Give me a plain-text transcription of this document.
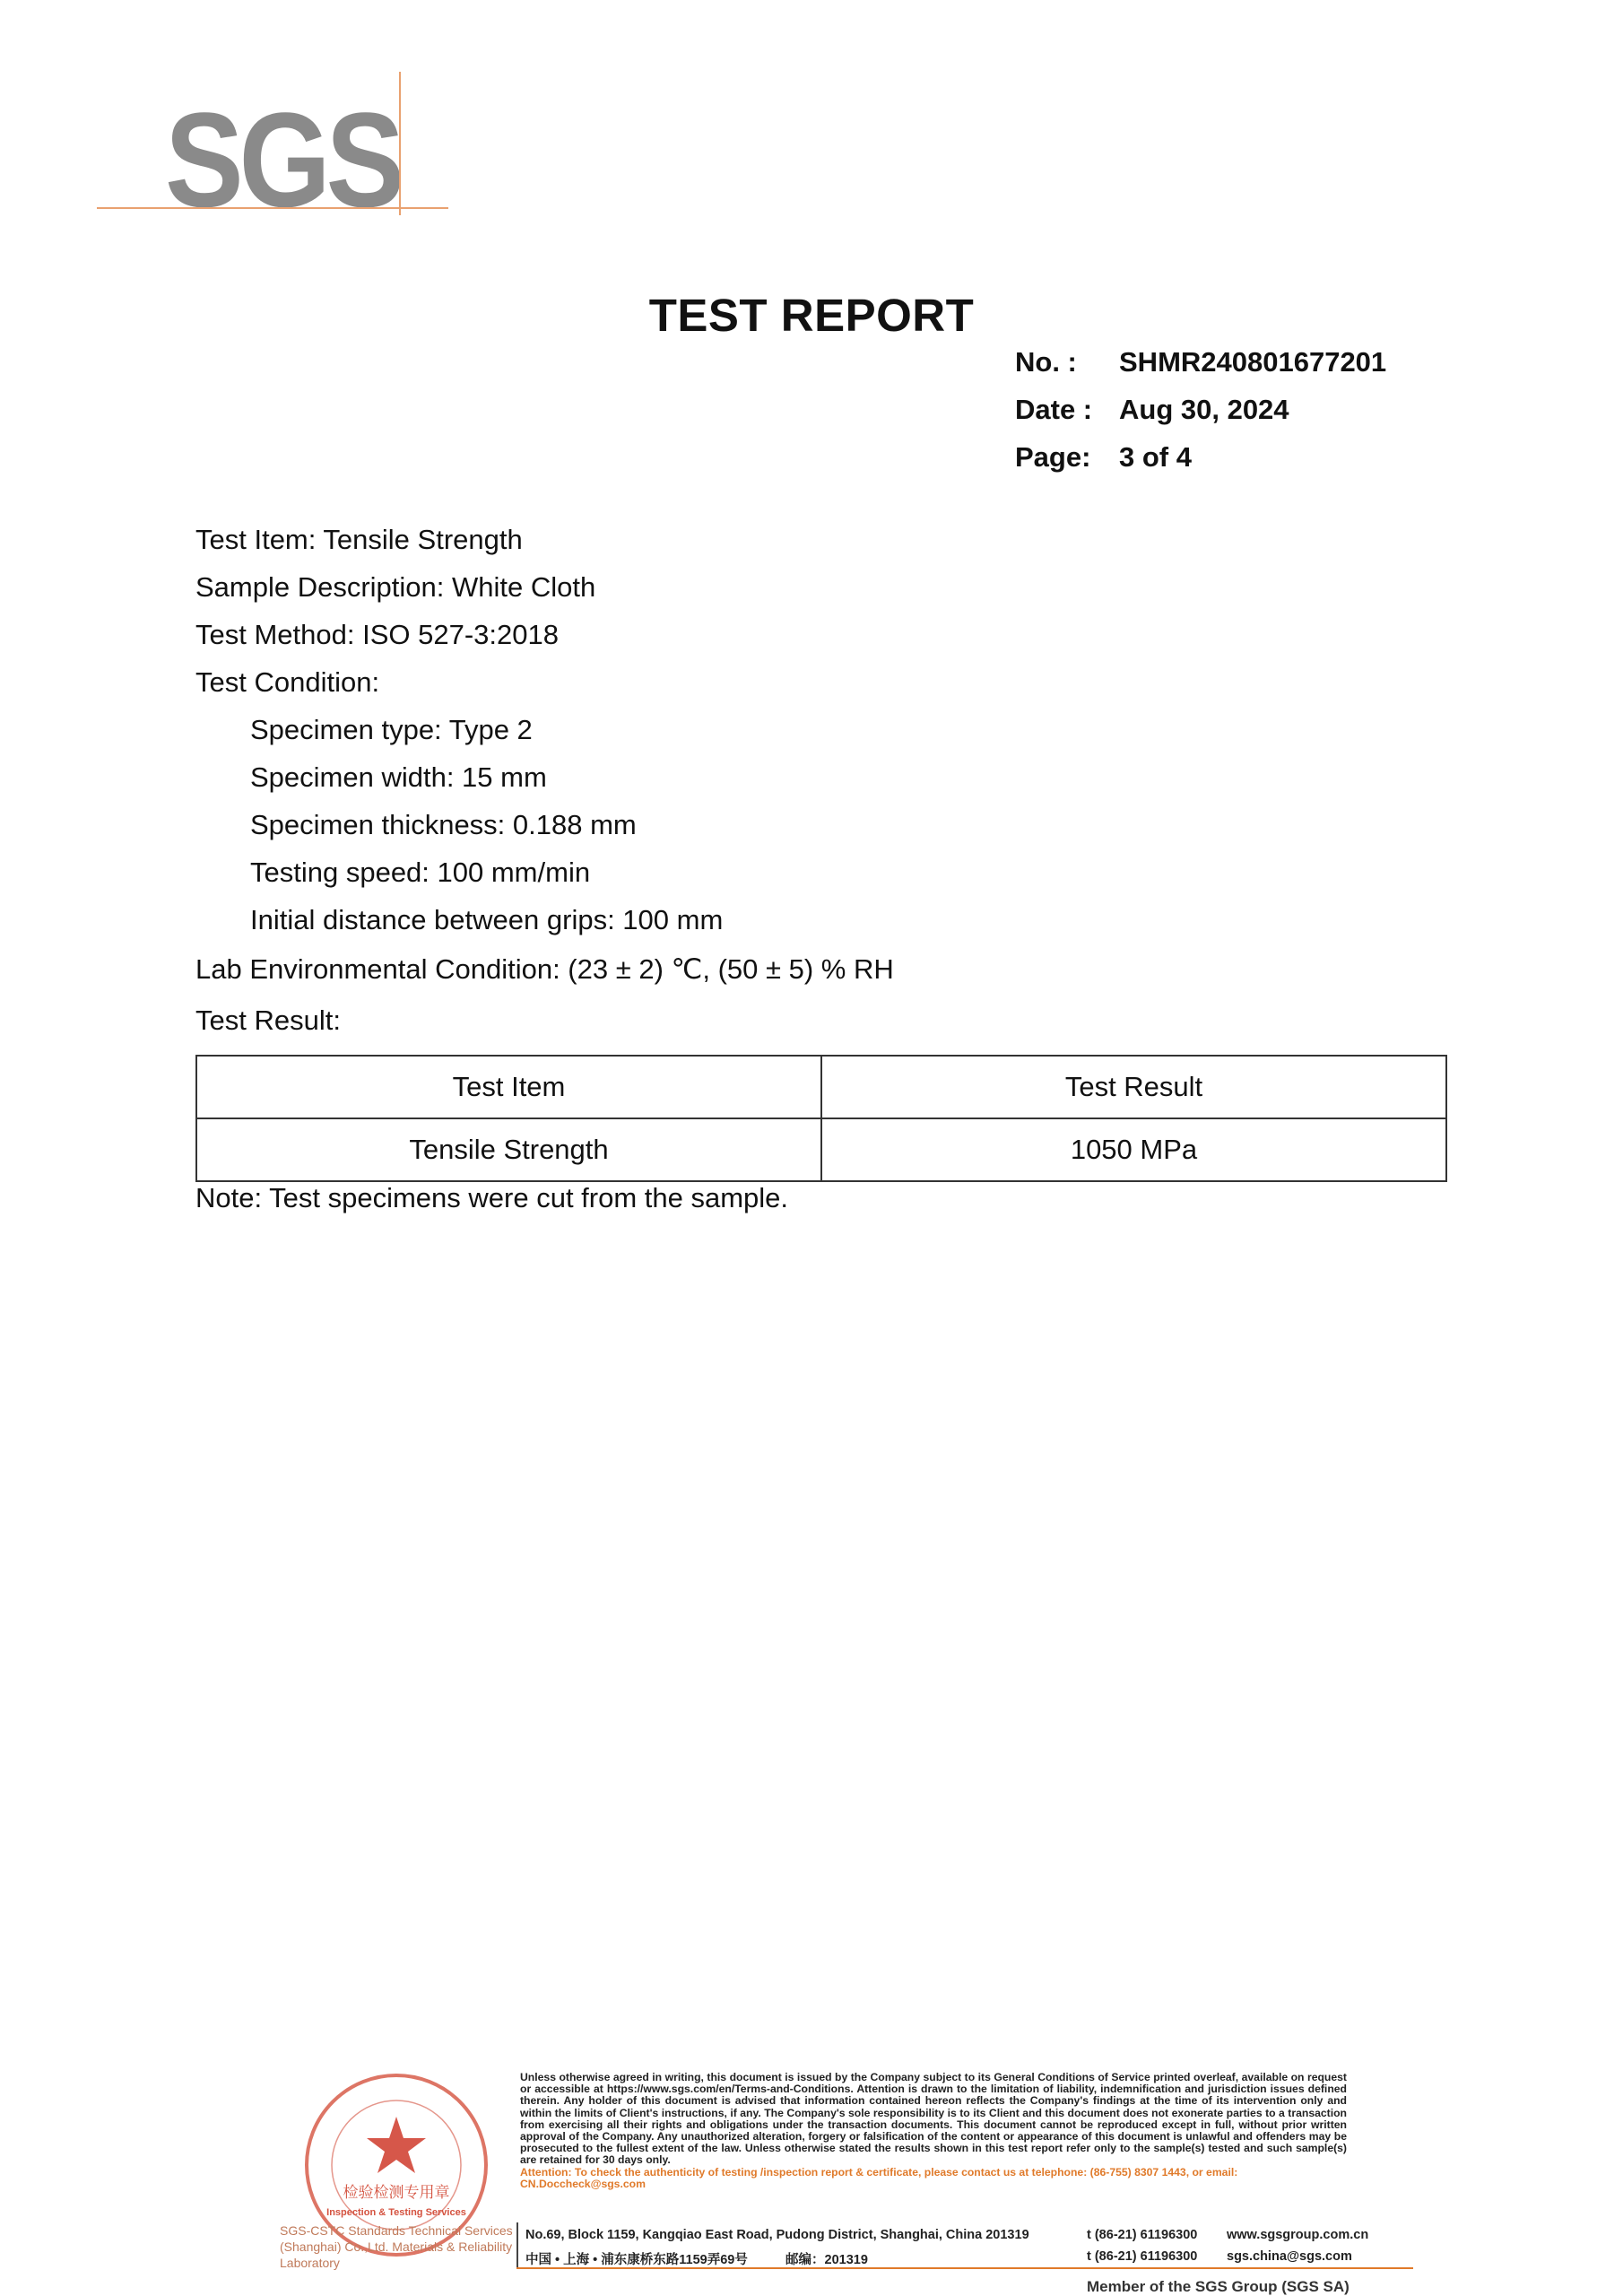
SGS
TEST REPORT
No. : SHMR240801677201
Date : Aug 30, 2024
Page: 3 of 4
Test Item: Tensile Strength
Sample Description: White Cloth
Test Method: ISO 527-3:2018
Test Condition:
Specimen type: Type 2
Specimen width: 15 mm
Specimen thickness: 0.188 mm
Testing speed: 100 mm/min
Initial distance between grips: 100 mm
Lab Environmental Condition: (23 ± 2) ℃, (50 ± 5) % RH
Test Result:
Test Item	Test Result
Tensile Strength	1050 MPa
Note: Test specimens were cut from the sample.
检验检测专用章
Inspection & Testing Services
SGS-CSTC Standards Technical Services (Shanghai) Co.,Ltd. Materials & Reliability Laboratory
Unless otherwise agreed in writing, this document is issued by the Company subject to its General Conditions of Service printed overleaf, available on request or accessible at https://www.sgs.com/en/Terms-and-Conditions. Attention is drawn to the limitation of liability, indemnification and jurisdiction issues defined therein. Any holder of this document is advised that information contained hereon reflects the Company's findings at the time of its intervention only and within the limits of Client's instructions, if any. The Company's sole responsibility is to its Client and this document does not exonerate parties to a transaction from exercising all their rights and obligations under the transaction documents. This document cannot be reproduced except in full, without prior written approval of the Company. Any unauthorized alteration, forgery or falsification of the content or appearance of this document is unlawful and offenders may be prosecuted to the fullest extent of the law. Unless otherwise stated the results shown in this test report refer only to the sample(s) tested and such sample(s) are retained for 30 days only.
Attention: To check the authenticity of testing /inspection report & certificate, please contact us at telephone: (86-755) 8307 1443, or email: CN.Doccheck@sgs.com
No.69, Block 1159, Kangqiao East Road, Pudong District, Shanghai, China 201319
中国 • 上海 • 浦东康桥东路1159弄69号	邮编：201319
t (86-21) 61196300
t (86-21) 61196300
www.sgsgroup.com.cn
sgs.china@sgs.com
Member of the SGS Group (SGS SA)
